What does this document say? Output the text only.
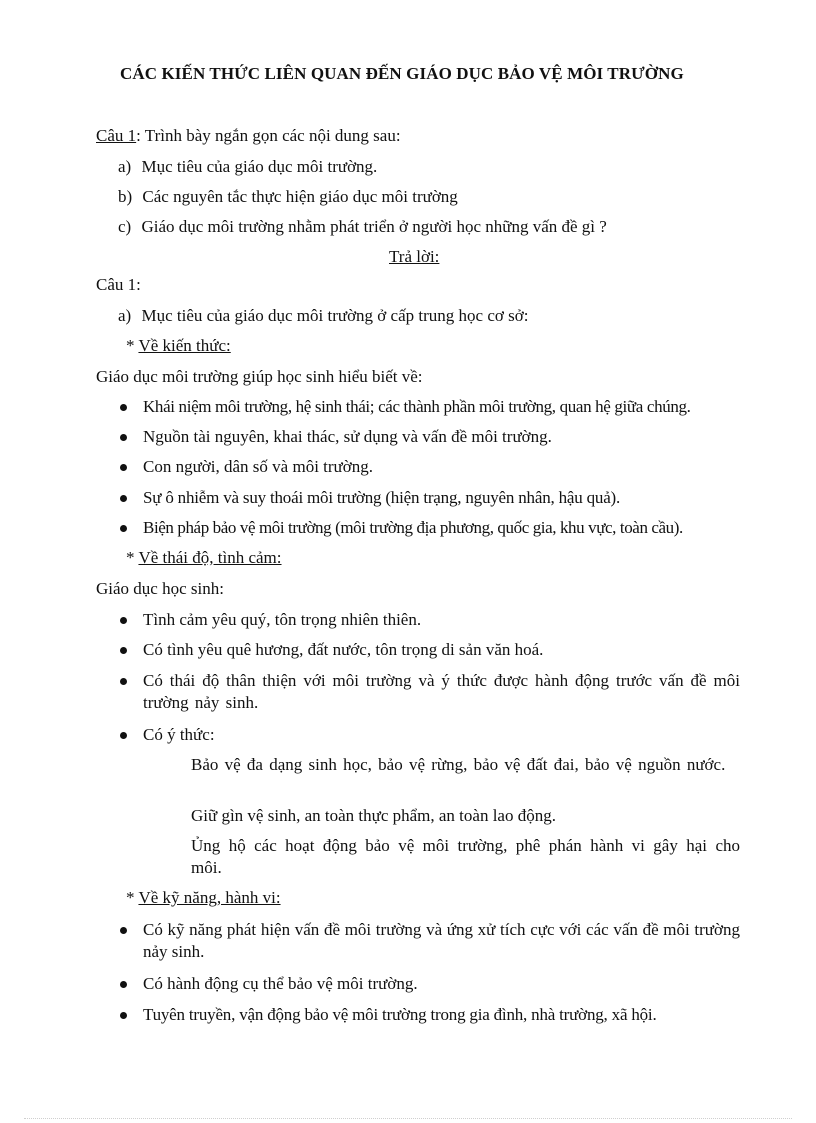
CÁC KIẾN THỨC LIÊN QUAN ĐẾN GIÁO DỤC BẢO VỆ MÔI TRƯỜNG
Câu 1: Trình bày ngắn gọn các nội dung sau:
a) Mục tiêu của giáo dục môi trường.
b) Các nguyên tắc thực hiện giáo dục môi trường
c) Giáo dục môi trường nhằm phát triển ở người học những vấn đề gì ?
Trả lời:
Câu 1:
a) Mục tiêu của giáo dục môi trường ở cấp trung học cơ sở:
* Về kiến thức:
Giáo dục môi trường giúp học sinh hiểu biết về:
Khái niệm môi trường, hệ sinh thái; các thành phần môi trường, quan hệ giữa chúng.
Nguồn tài nguyên, khai thác, sử dụng và vấn đề môi trường.
Con người, dân số và môi trường.
Sự ô nhiễm và suy thoái môi trường (hiện trạng, nguyên nhân, hậu quả).
Biện pháp bảo vệ môi trường (môi trường địa phương, quốc gia, khu vực, toàn cầu).
* Về thái độ, tình cảm:
Giáo dục học sinh:
Tình cảm yêu quý, tôn trọng nhiên thiên.
Có tình yêu quê hương, đất nước, tôn trọng di sản văn hoá.
Có thái độ thân thiện với môi trường và ý thức được hành động trước vấn đề môi trường nảy sinh.
Có ý thức:
Bảo vệ đa dạng sinh học, bảo vệ rừng, bảo vệ đất đai, bảo vệ nguồn nước.
Giữ gìn vệ sinh, an toàn thực phẩm, an toàn lao động.
Ủng hộ các hoạt động bảo vệ môi trường, phê phán hành vi gây hại cho môi.
* Về kỹ năng, hành vi:
Có kỹ năng phát hiện vấn đề môi trường và ứng xử tích cực với các vấn đề môi trường nảy sinh.
Có hành động cụ thể bảo vệ môi trường.
Tuyên truyền, vận động bảo vệ môi trường trong gia đình, nhà trường, xã hội.
